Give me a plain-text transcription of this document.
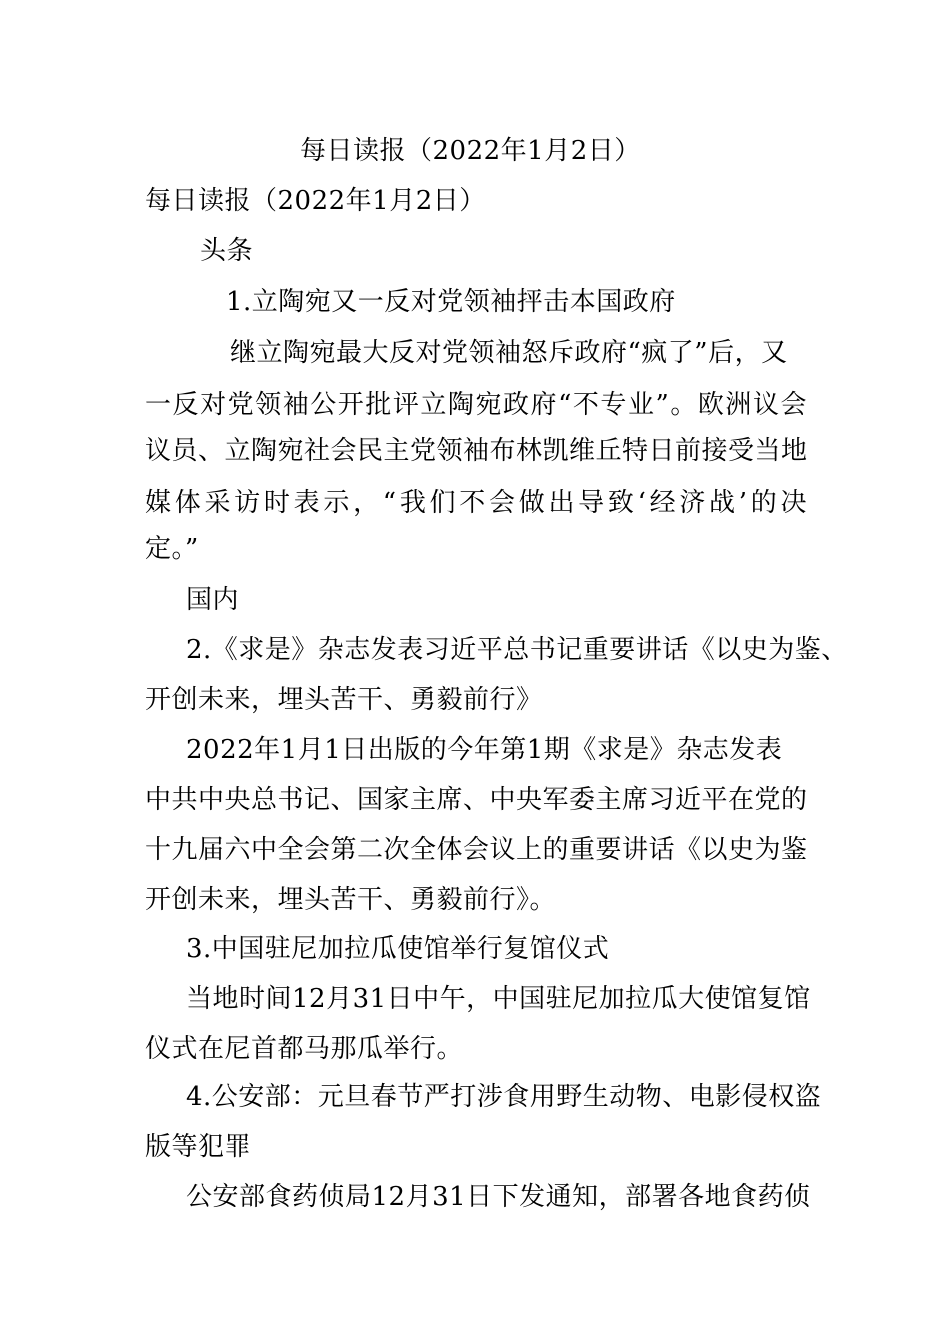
每日读报（2022年1月2日）
每日读报（2022年1月2日）
头条
1.立陶宛又一反对党领袖抨击本国政府
继立陶宛最大反对党领袖怒斥政府“疯了”后，又
一反对党领袖公开批评立陶宛政府“不专业”。欧洲议会
议员、立陶宛社会民主党领袖布林凯维丘特日前接受当地
媒体采访时表示，“我们不会做出导致‘经济战’的决
定。”
国内
2.《求是》杂志发表习近平总书记重要讲话《以史为鉴、
开创未来，埋头苦干、勇毅前行》
2022年1月1日出版的今年第1期《求是》杂志发表
中共中央总书记、国家主席、中央军委主席习近平在党的
十九届六中全会第二次全体会议上的重要讲话《以史为鉴
开创未来，埋头苦干、勇毅前行》。
3.中国驻尼加拉瓜使馆举行复馆仪式
当地时间12月31日中午，中国驻尼加拉瓜大使馆复馆
仪式在尼首都马那瓜举行。
4.公安部：元旦春节严打涉食用野生动物、电影侵权盗
版等犯罪
公安部食药侦局12月31日下发通知，部署各地食药侦
